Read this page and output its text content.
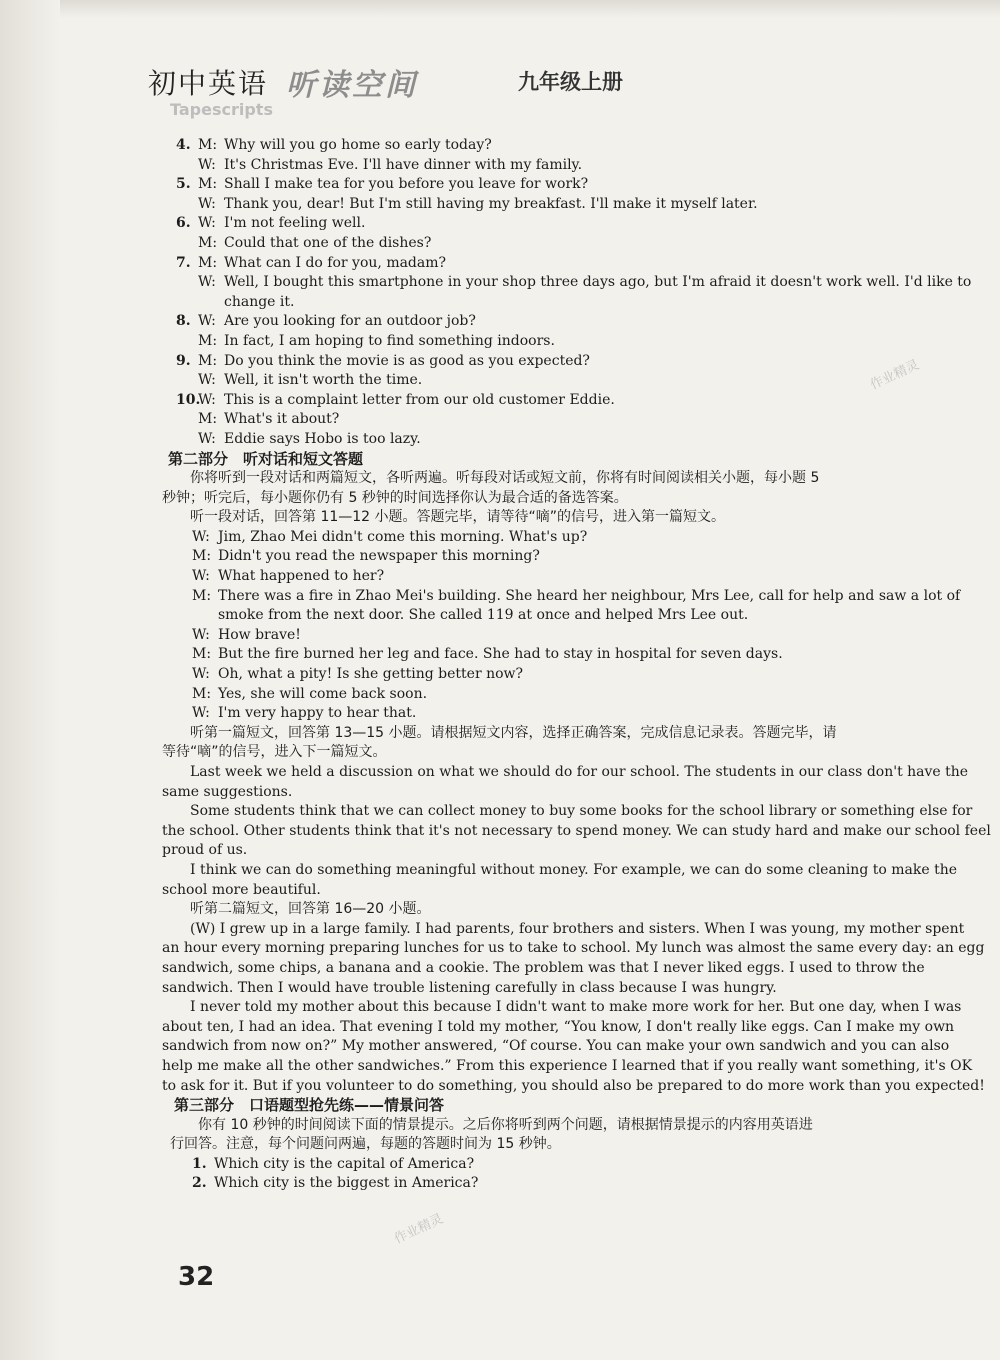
初中英语 听读空间	九年级上册
Tapescripts
作业精灵
作业精灵
4. M: Why will you go home so early today?
W: It's Christmas Eve. I'll have dinner with my family.
5. M: Shall I make tea for you before you leave for work?
W: Thank you, dear! But I'm still having my breakfast. I'll make it myself later.
6. W: I'm not feeling well.
M: Could that one of the dishes?
7. M: What can I do for you, madam?
W: Well, I bought this smartphone in your shop three days ago, but I'm afraid it doesn't work well. I'd like to
change it.
8. W: Are you looking for an outdoor job?
M: In fact, I am hoping to find something indoors.
9. M: Do you think the movie is as good as you expected?
W: Well, it isn't worth the time.
10.W: This is a complaint letter from our old customer Eddie.
M: What's it about?
W: Eddie says Hobo is too lazy.
第二部分　听对话和短文答题
你将听到一段对话和两篇短文，各听两遍。听每段对话或短文前，你将有时间阅读相关小题，每小题 5
秒钟；听完后，每小题你仍有 5 秒钟的时间选择你认为最合适的备选答案。
听一段对话，回答第 11—12 小题。答题完毕，请等待“嘀”的信号，进入第一篇短文。
W: Jim, Zhao Mei didn't come this morning. What's up?
M: Didn't you read the newspaper this morning?
W: What happened to her?
M: There was a fire in Zhao Mei's building. She heard her neighbour, Mrs Lee, call for help and saw a lot of
smoke from the next door. She called 119 at once and helped Mrs Lee out.
W: How brave!
M: But the fire burned her leg and face. She had to stay in hospital for seven days.
W: Oh, what a pity! Is she getting better now?
M: Yes, she will come back soon.
W: I'm very happy to hear that.
听第一篇短文，回答第 13—15 小题。请根据短文内容，选择正确答案，完成信息记录表。答题完毕，请
等待“嘀”的信号，进入下一篇短文。
Last week we held a discussion on what we should do for our school. The students in our class don't have the
same suggestions.
Some students think that we can collect money to buy some books for the school library or something else for
the school. Other students think that it's not necessary to spend money. We can study hard and make our school feel
proud of us.
I think we can do something meaningful without money. For example, we can do some cleaning to make the
school more beautiful.
听第二篇短文，回答第 16—20 小题。
(W) I grew up in a large family. I had parents, four brothers and sisters. When I was young, my mother spent
an hour every morning preparing lunches for us to take to school. My lunch was almost the same every day: an egg
sandwich, some chips, a banana and a cookie. The problem was that I never liked eggs. I used to throw the
sandwich. Then I would have trouble listening carefully in class because I was hungry.
I never told my mother about this because I didn't want to make more work for her. But one day, when I was
about ten, I had an idea. That evening I told my mother, “You know, I don't really like eggs. Can I make my own
sandwich from now on?” My mother answered, “Of course. You can make your own sandwich and you can also
help me make all the other sandwiches.” From this experience I learned that if you really want something, it's OK
to ask for it. But if you volunteer to do something, you should also be prepared to do more work than you expected!
第三部分　口语题型抢先练——情景问答
你有 10 秒钟的时间阅读下面的情景提示。之后你将听到两个问题，请根据情景提示的内容用英语进
行回答。注意，每个问题问两遍，每题的答题时间为 15 秒钟。
1. Which city is the capital of America?
2. Which city is the biggest in America?
32
